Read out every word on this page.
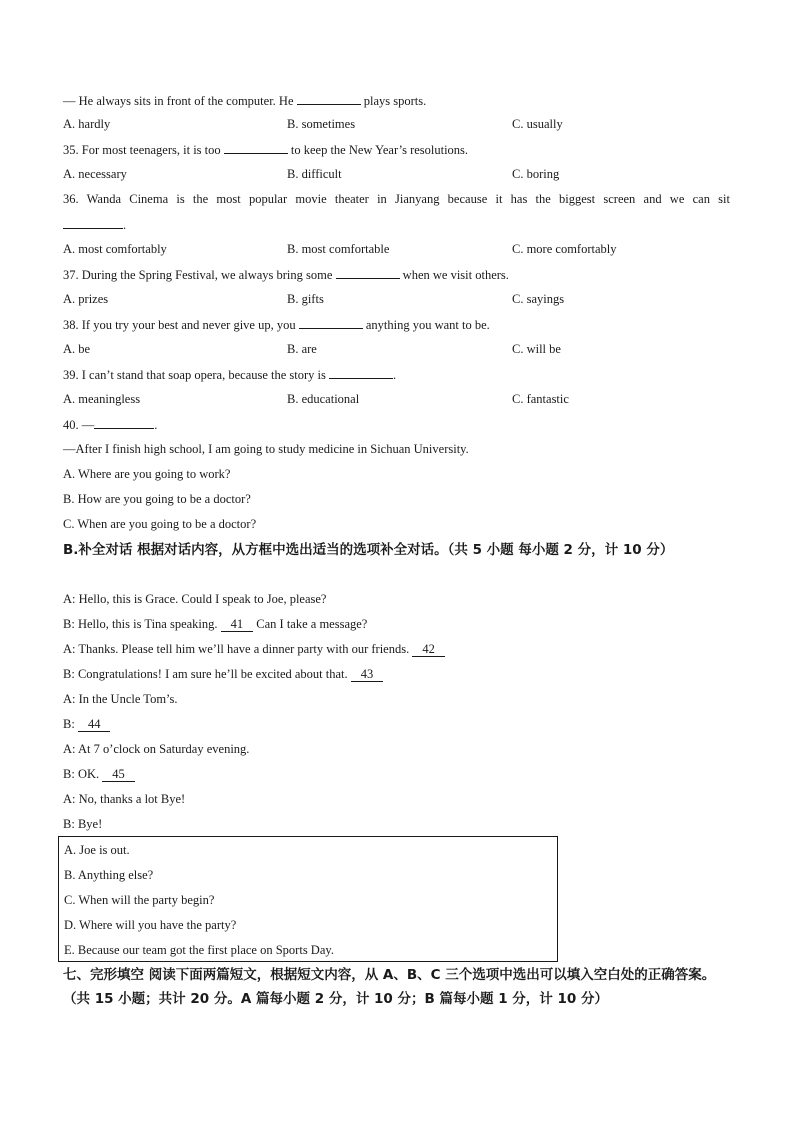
— He always sits in front of the computer. He	plays sports.
A. hardly	B. sometimes	C. usually
35. For most teenagers, it is too	to keep the New Year’s resolutions.
A. necessary	B. difficult	C. boring
36. Wanda Cinema is the most popular movie theater in Jianyang because it has the biggest screen and we can sit
.
A. most comfortably	B. most comfortable	C. more comfortably
37. During the Spring Festival, we always bring some	when we visit others.
A. prizes	B. gifts	C. sayings
38. If you try your best and never give up, you	anything you want to be.
A. be	B. are	C. will be
39. I can’t stand that soap opera, because the story is	.
A. meaningless	B. educational	C. fantastic
40. —	.
—After I finish high school, I am going to study medicine in Sichuan University.
A. Where are you going to work?
B. How are you going to be a doctor?
C. When are you going to be a doctor?
B.补全对话 根据对话内容，从方框中选出适当的选项补全对话。（共 5 小题 每小题 2 分，计 10 分）
A: Hello, this is Grace. Could I speak to Joe, please?
B: Hello, this is Tina speaking. 41 Can I take a message?
A: Thanks. Please tell him we’ll have a dinner party with our friends. 42
B: Congratulations! I am sure he’ll be excited about that. 43
A: In the Uncle Tom’s.
B: 44
A: At 7 o’clock on Saturday evening.
B: OK. 45
A: No, thanks a lot Bye!
B: Bye!
A. Joe is out.
B. Anything else?
C. When will the party begin?
D. Where will you have the party?
E. Because our team got the first place on Sports Day.
七、完形填空 阅读下面两篇短文，根据短文内容，从 A、B、C 三个选项中选出可以填入空白处的正确答案。（共 15 小题；共计 20 分。A 篇每小题 2 分，计 10 分；B 篇每小题 1 分，计 10 分）
